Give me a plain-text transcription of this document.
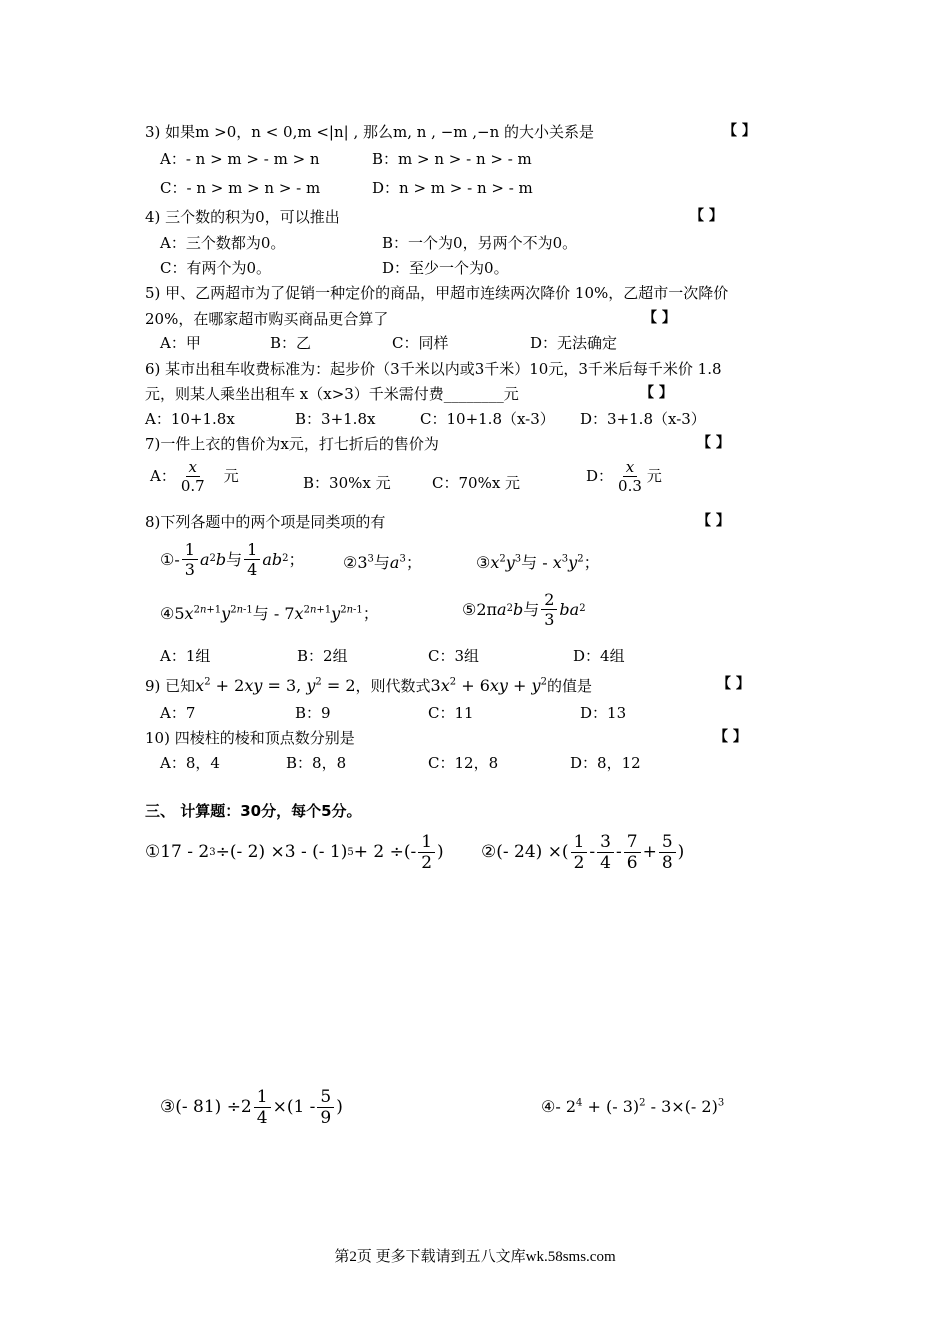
3) 如果m >0，n < 0,m <|n| , 那么m, n , −m ,−n 的大小关系是	【 】
A：- n > m > - m > n	B：m > n > - n > - m
C：- n > m > n > - m	D：n > m > - n > - m
4) 三个数的积为0，可以推出	【 】
A：三个数都为0。	B：一个为0，另两个不为0。
C：有两个为0。	D：至少一个为0。
5) 甲、乙两超市为了促销一种定价的商品，甲超市连续两次降价 10%，乙超市一次降价
20%，在哪家超市购买商品更合算了	【 】
A：甲	B：乙	C：同样	D：无法确定
6) 某市出租车收费标准为：起步价（3千米以内或3千米）10元，3千米后每千米价 1.8
元，则某人乘坐出租车 x（x>3）千米需付费________元	【 】
A：10+1.8x	B：3+1.8x	C：10+1.8（x-3） D：3+1.8（x-3）
7)一件上衣的售价为x元，打七折后的售价为	【 】
A： $\frac{x}{0.7}$ 元	B：30%x 元	C：70%x 元	D： $\frac{x}{0.3}$ 元
8)下列各题中的两个项是同类项的有	【 】
①- $\frac{1}{3}$ a 2 b 与 $\frac{1}{4}$ ab 2 ； $②3^3$与$a^3$；	$③x^2y^3$与 - $x^3y^2$；
$④5x^{2n+1}y^{2n-1}$与 - $7x^{2n+1}y^{2n-1}$；	⑤2π a 2 b 与 $\frac{2}{3}$ ba 2
A：1组	B：2组	C：3组	D：4组
9) 已知$x^2 + 2xy = 3$, $y^2 = 2$，则代数式$3x^2 + 6xy + y^2$的值是	【 】
A：7	B：9	C：11	D：13
10) 四棱柱的棱和顶点数分别是	【 】
A：8，4	B：8，8	C：12，8	D：8，12
三、 计算题：30分，每个5分。
①17 - 2 3 ÷(- 2) ×3 - (- 1) 5 + 2 ÷(- $\frac{1}{2}$ ) ②(- 24) ×( $\frac{1}{2} - \frac{3}{4} - \frac{7}{6} + \frac{5}{8}$ )
③(- $81) \div 2 \frac{1}{4} \times(1 - \frac{5}{9}$ )	④- $2^4$ + (- 3)$^2$ - 3×(- 2)$^3$
第2页 更多下载请到五八文库wk.58sms.com
